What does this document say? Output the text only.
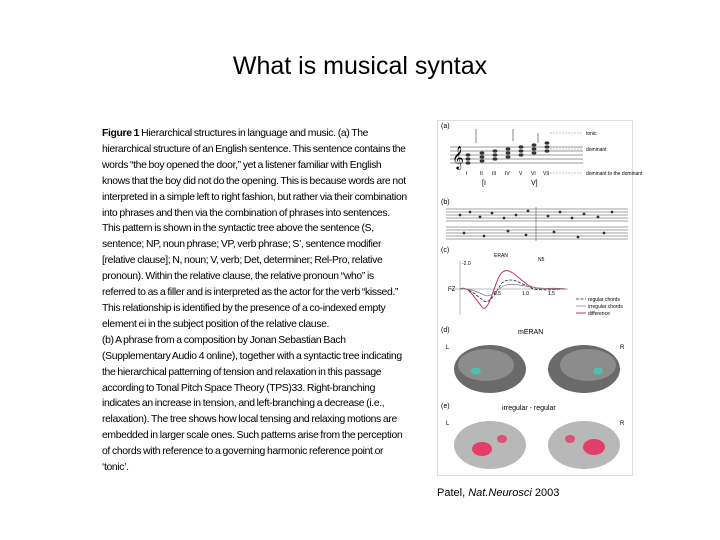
What is musical syntax

Figure 1 Hierarchical structures in language and music. (a) The hierarchical structure of an English sentence. This sentence contains the words “the boy opened the door,” yet a listener familiar with English knows that the boy did not do the opening. This is because words are not interpreted in a simple left to right fashion, but rather via their combination into phrases and then via the combination of phrases into sentences. This pattern is shown in the syntactic tree above the sentence (S, sentence; NP, noun phrase; VP, verb phrase; S’, sentence modifier [relative clause]; N, noun; V, verb; Det, determiner; Rel-Pro, relative pronoun). Within the relative clause, the relative pronoun “who” is referred to as a filler and is interpreted as the actor for the verb “kissed.” This relationship is identified by the presence of a co-indexed empty element ei in the subject position of the relative clause.

(b) A phrase from a composition by Jonan Sebastian Bach (Supplementary Audio 4 online), together with a syntactic tree indicating the hierarchical patterning of tension and relaxation in this passage according to Tonal Pitch Space Theory (TPS)33. Right-branching indicates an increase in tension, and left-branching a decrease (i.e., relaxation). The tree shows how local tensing and relaxing motions are embedded in larger scale ones. Such patterns arise from the perception of chords with reference to a governing harmonic reference point or ‘tonic’.

(a)
𝄞
I	II III IV V VI VII
[I	V]
tonic
dominant
dominant to the dominant
(b)
(c)
ERAN
N5
FZ
-2.0
0.5	1.0	1.5
regular chords
irregular chords
difference
(d)	mERAN
L	R
(e)	irregular - regular
L	R
Patel, Nat.Neurosci 2003
